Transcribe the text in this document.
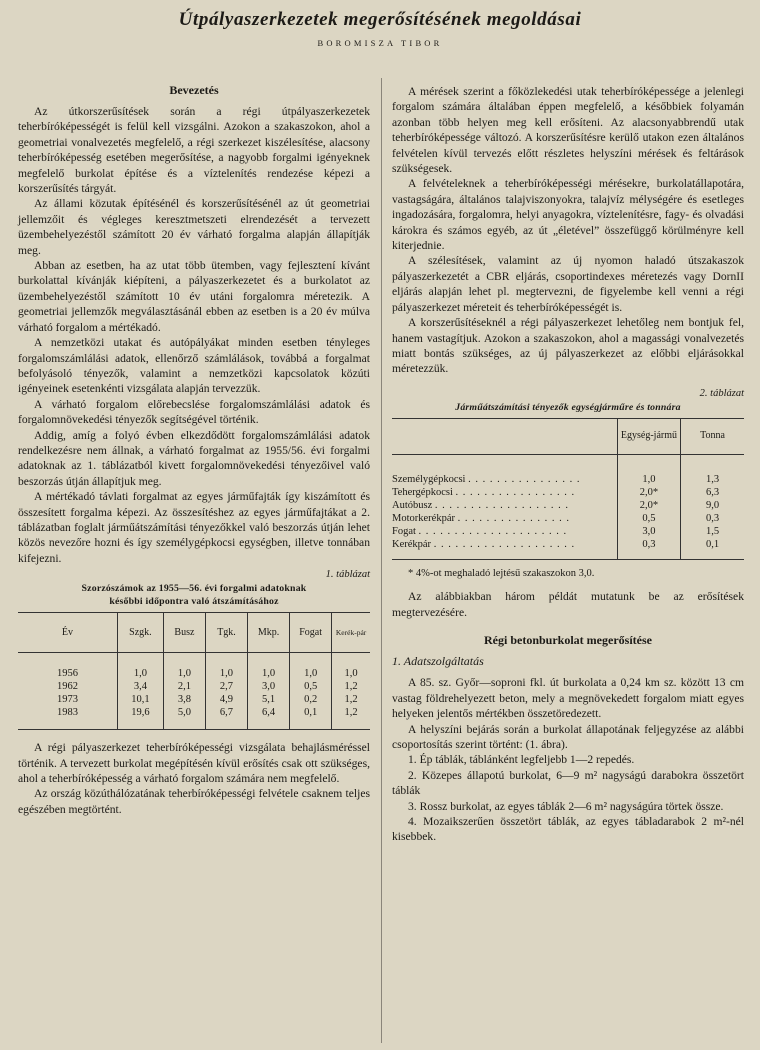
Útpályaszerkezetek megerősítésének megoldásai
BOROMISZA TIBOR
Bevezetés

Az útkorszerűsítések során a régi útpályaszerkezetek teherbíróképességét is felül kell vizsgálni. Azokon a szakaszokon, ahol a geometriai vonalvezetés megfelelő, a régi szerkezet kiszélesítése, alacsony teherbíróképesség esetében megerősítése, a nagyobb forgalmi igényeknek megfelelő burkolat építése és a víztelenítés rendezése képezi a korszerűsítés tárgyát.

Az állami közutak építésénél és korszerűsítésénél az út geometriai jellemzőit és végleges keresztmetszeti elrendezését a tervezett üzembehelyezéstől számított 20 év várható forgalma alapján állapítják meg.

Abban az esetben, ha az utat több ütemben, vagy fejlesztení kívánt burkolattal kívánják kiépíteni, a pályaszerkezetet és a burkolatot az üzembehelyezéstől számított 10 év utáni forgalomra méretezik. A geometriai jellemzők megválasztásánál ebben az esetben is a 20 év múlva várható forgalom a mértékadó.

A nemzetközi utakat és autópályákat minden esetben tényleges forgalomszámlálási adatok, ellenőrző számlálások, továbbá a forgalmat befolyásoló tényezők, valamint a nemzetközi kapcsolatok közúti igényeinek esetenkénti vizsgálata alapján tervezzük.

A várható forgalom előrebecslése forgalomszámlálási adatok és forgalomnövekedési tényezők segítségével történik.

Addig, amíg a folyó évben elkezdődött forgalomszámlálási adatok rendelkezésre nem állnak, a várható forgalmat az 1955/56. évi forgalmi adatoknak az 1. táblázatból kivett forgalomnövekedési tényezőivel való beszorzás útján állapítjuk meg.

A mértékadó távlati forgalmat az egyes járműfajták így kiszámított és összesített forgalma képezi. Az összesítéshez az egyes járműfajtákat a 2. táblázatban foglalt járműátszámítási tényezőkkel való beszorzás útján lehet közös nevezőre hozni és így személygépkocsi egységben, illetve tonnában kifejezni.

1. táblázat
Szorzószámok az 1955—56. évi forgalmi adatoknak
későbbi időpontra való átszámításához
Év	Szgk.	Busz	Tgk.	Mkp.	Fogat	Kerék-pár
1956	1,0	1,0	1,0	1,0	1,0	1,0
1962	3,4	2,1	2,7	3,0	0,5	1,2
1973	10,1	3,8	4,9	5,1	0,2	1,2
1983	19,6	5,0	6,7	6,4	0,1	1,2

A régi pályaszerkezet teherbíróképességi vizsgálata behajlásméréssel történik. A tervezett burkolat megépítésén kívül erősítés csak ott szükséges, ahol a teherbíróképesség a várható forgalom számára nem megfelelő.

Az ország közúthálózatának teherbíróképességi felvétele csaknem teljes egészében megtörtént.

A mérések szerint a főközlekedési utak teherbíróképessége a jelenlegi forgalom számára általában éppen megfelelő, a későbbiek folyamán azonban több helyen meg kell erősíteni. Az alacsonyabbrendű utak teherbíróképessége változó. A korszerűsítésre kerülő utakon ezen általános felvételen kívül tervezés előtt részletes helyszíni mérések és feltárások szükségesek.

A felvételeknek a teherbíróképességi mérésekre, burkolatállapotára, vastagságára, általános talajviszonyokra, talajvíz mélységére és esetleges ingadozására, forgalomra, helyi anyagokra, víztelenítésre, fagy- és olvadási károkra és számos egyéb, az út „életével” összefüggő körülményre kell kiterjednie.

A szélesítések, valamint az új nyomon haladó útszakaszok pályaszerkezetét a CBR eljárás, csoportindexes méretezés vagy DornII eljárás alapján lehet pl. megtervezni, de figyelembe kell venni a régi pályaszerkezet méreteit és teherbíróképességét is.

A korszerűsítéseknél a régi pályaszerkezet lehetőleg nem bontjuk fel, hanem vastagítjuk. Azokon a szakaszokon, ahol a magassági vonalvezetés miatt bontás szükséges, az új pályaszerkezet az előbbi eljárásokkal méretezzük.

2. táblázat
Járműátszámítási tényezők egységjárműre és tonnára
	Egység-jármű	Tonna
Személygépkocsi . . . . . . . . . . . . . . . .	1,0	1,3
Tehergépkocsi . . . . . . . . . . . . . . . . .	2,0*	6,3
Autóbusz . . . . . . . . . . . . . . . . . . .	2,0*	9,0
Motorkerékpár . . . . . . . . . . . . . . . .	0,5	0,3
Fogat . . . . . . . . . . . . . . . . . . . . .	3,0	1,5
Kerékpár . . . . . . . . . . . . . . . . . . . .	0,3	0,1
* 4%-ot meghaladó lejtésű szakaszokon 3,0.

Az alábbiakban három példát mutatunk be az erősítések megtervezésére.

Régi betonburkolat megerősítése
1. Adatszolgáltatás

A 85. sz. Győr—soproni fkl. út burkolata a 0,24 km sz. között 13 cm vastag földrehelyezett beton, mely a megnövekedett forgalom miatt egyes helyeken jelentős mértékben összetöredezett.

A helyszíni bejárás során a burkolat állapotának feljegyzése az alábbi csoportosítás szerint történt: (1. ábra).

1. Ép táblák, táblánként legfeljebb 1—2 repedés.

2. Közepes állapotú burkolat, 6—9 m² nagyságú darabokra összetört táblák

3. Rossz burkolat, az egyes táblák 2—6 m² nagyságúra törtek össze.

4. Mozaikszerűen összetört táblák, az egyes tábladarabok 2 m²-nél kisebbek.
